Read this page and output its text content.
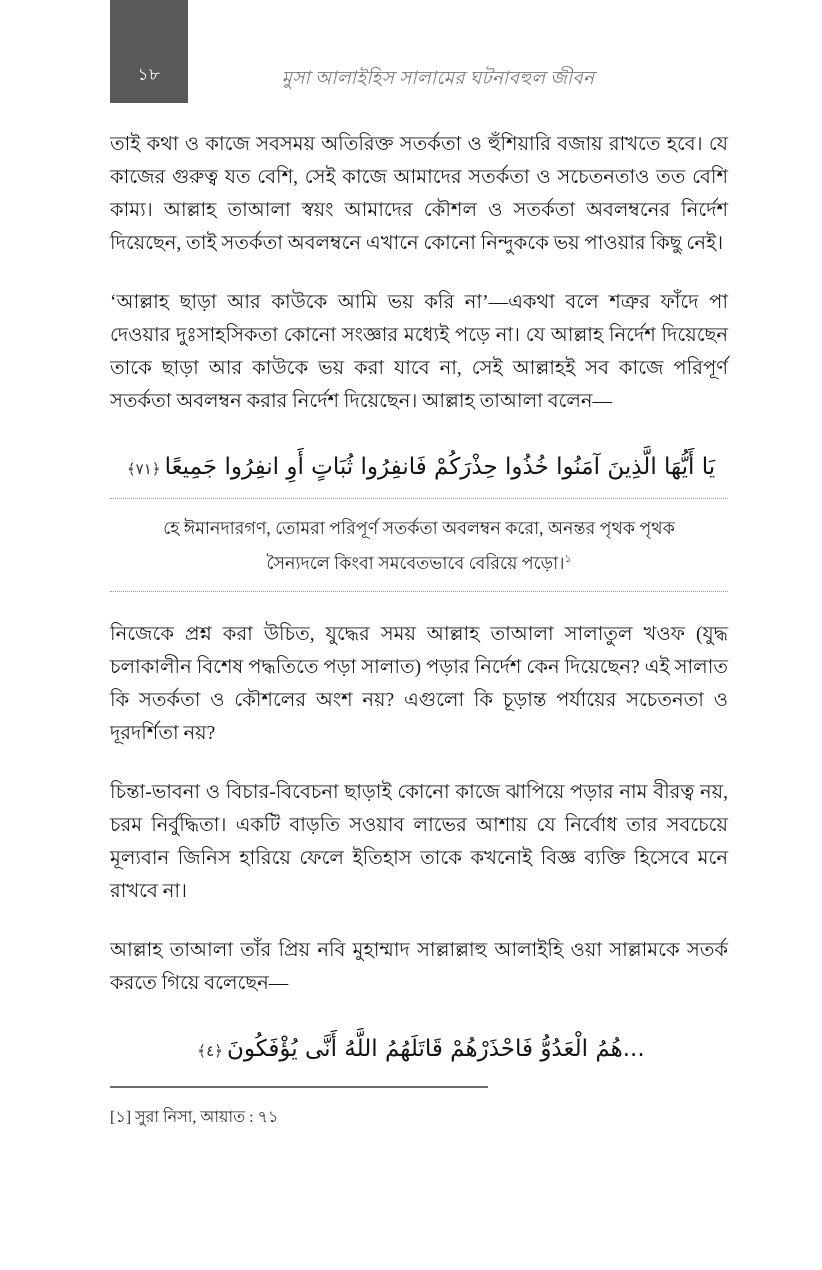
১৮	মুসা আলাইহিস সালামের ঘটনাবহুল জীবন

তাই কথা ও কাজে সবসময় অতিরিক্ত সতর্কতা ও হুঁশিয়ারি বজায় রাখতে হবে। যে কাজের গুরুত্ব যত বেশি, সেই কাজে আমাদের সতর্কতা ও সচেতনতাও তত বেশি কাম্য। আল্লাহ তাআলা স্বয়ং আমাদের কৌশল ও সতর্কতা অবলম্বনের নির্দেশ দিয়েছেন, তাই সতর্কতা অবলম্বনে এখানে কোনো নিন্দুককে ভয় পাওয়ার কিছু নেই।

‘আল্লাহ ছাড়া আর কাউকে আমি ভয় করি না’—একথা বলে শত্রুর ফাঁদে পা দেওয়ার দুঃসাহসিকতা কোনো সংজ্ঞার মধ্যেই পড়ে না। যে আল্লাহ নির্দেশ দিয়েছেন তাকে ছাড়া আর কাউকে ভয় করা যাবে না, সেই আল্লাহই সব কাজে পরিপূর্ণ সতর্কতা অবলম্বন করার নির্দেশ দিয়েছেন। আল্লাহ তাআলা বলেন—

يَا أَيُّهَا الَّذِينَ آمَنُوا خُذُوا حِذْرَكُمْ فَانفِرُوا ثُبَاتٍ أَوِ انفِرُوا جَمِيعًا﴿٧١﴾
হে ঈমানদারগণ, তোমরা পরিপূর্ণ সতর্কতা অবলম্বন করো, অনন্তর পৃথক পৃথক সৈন্যদলে কিংবা সমবেতভাবে বেরিয়ে পড়ো।$^১$

নিজেকে প্রশ্ন করা উচিত, যুদ্ধের সময় আল্লাহ তাআলা সালাতুল খওফ (যুদ্ধ চলাকালীন বিশেষ পদ্ধতিতে পড়া সালাত) পড়ার নির্দেশ কেন দিয়েছেন? এই সালাত কি সতর্কতা ও কৌশলের অংশ নয়? এগুলো কি চূড়ান্ত পর্যায়ের সচেতনতা ও দূরদর্শিতা নয়?

চিন্তা-ভাবনা ও বিচার-বিবেচনা ছাড়াই কোনো কাজে ঝাপিয়ে পড়ার নাম বীরত্ব নয়, চরম নির্বুদ্ধিতা। একটি বাড়তি সওয়াব লাভের আশায় যে নির্বোধ তার সবচেয়ে মূল্যবান জিনিস হারিয়ে ফেলে ইতিহাস তাকে কখনোই বিজ্ঞ ব্যক্তি হিসেবে মনে রাখবে না।

আল্লাহ তাআলা তাঁর প্রিয় নবি মুহাম্মাদ সাল্লাল্লাহু আলাইহি ওয়া সাল্লামকে সতর্ক করতে গিয়ে বলেছেন—

...هُمُ الْعَدُوُّ فَاحْذَرْهُمْ قَاتَلَهُمُ اللَّهُ أَنَّى يُؤْفَكُونَ﴿٤﴾
[১] সুরা নিসা, আয়াত : ৭১
